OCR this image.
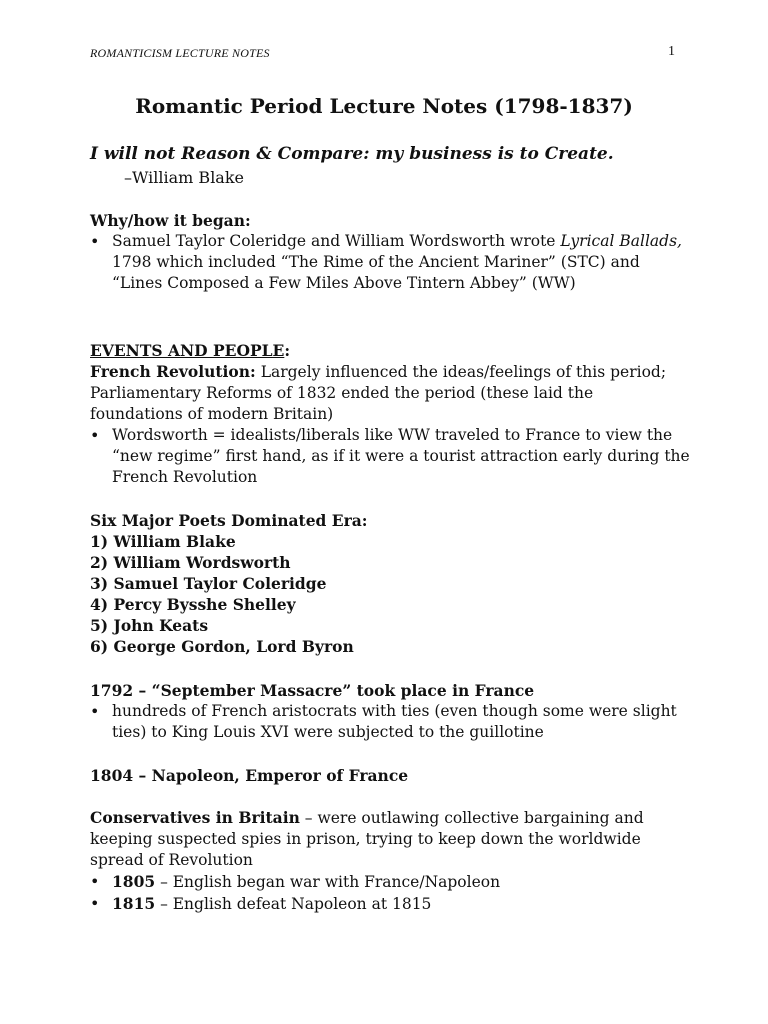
ROMANTICISM LECTURE NOTES	1
Romantic Period Lecture Notes (1798-1837)
I will not Reason & Compare: my business is to Create.
–William Blake

Why/how it began:

• Samuel Taylor Coleridge and William Wordsworth wrote Lyrical Ballads, 1798 which included “The Rime of the Ancient Mariner” (STC) and “Lines Composed a Few Miles Above Tintern Abbey” (WW)

EVENTS AND PEOPLE:

French Revolution: Largely influenced the ideas/feelings of this period; Parliamentary Reforms of 1832 ended the period (these laid the foundations of modern Britain)

• Wordsworth = idealists/liberals like WW traveled to France to view the “new regime” first hand, as if it were a tourist attraction early during the French Revolution

Six Major Poets Dominated Era:

1) William Blake

2) William Wordsworth

3) Samuel Taylor Coleridge

4) Percy Bysshe Shelley

5) John Keats

6) George Gordon, Lord Byron

1792 – “September Massacre” took place in France

• hundreds of French aristocrats with ties (even though some were slight ties) to King Louis XVI were subjected to the guillotine

1804 – Napoleon, Emperor of France

Conservatives in Britain – were outlawing collective bargaining and keeping suspected spies in prison, trying to keep down the worldwide spread of Revolution

• 1805 – English began war with France/Napoleon
• 1815 – English defeat Napoleon at 1815
